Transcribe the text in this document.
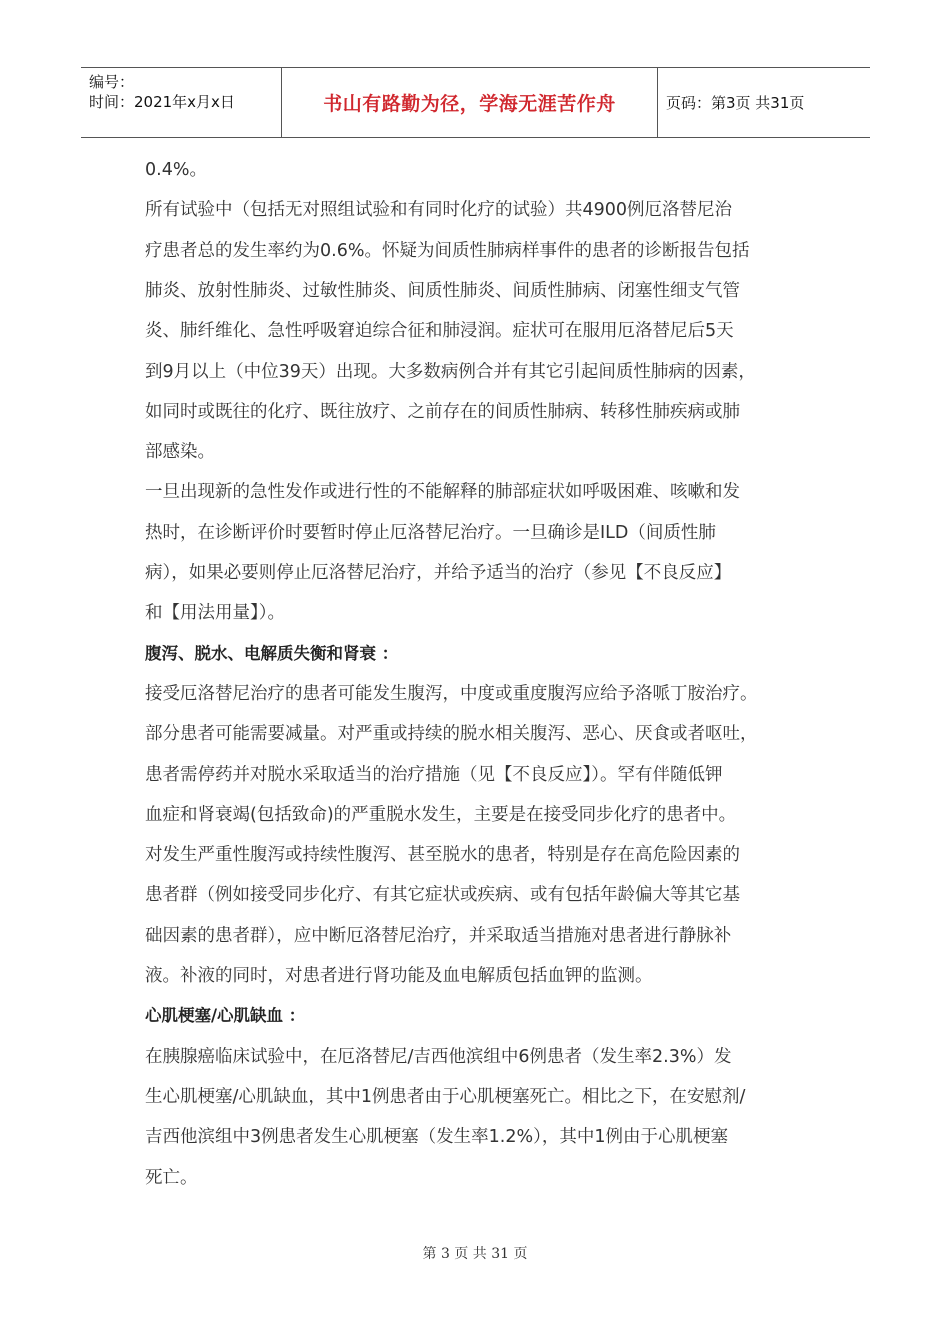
编号：
时间：2021年x月x日	书山有路勤为径，学海无涯苦作舟	页码：第3页 共31页
0.4%。
所有试验中（包括无对照组试验和有同时化疗的试验）共4900例厄洛替尼治
疗患者总的发生率约为0.6%。怀疑为间质性肺病样事件的患者的诊断报告包括
肺炎、放射性肺炎、过敏性肺炎、间质性肺炎、间质性肺病、闭塞性细支气管
炎、肺纤维化、急性呼吸窘迫综合征和肺浸润。症状可在服用厄洛替尼后5天
到9月以上（中位39天）出现。大多数病例合并有其它引起间质性肺病的因素，
如同时或既往的化疗、既往放疗、之前存在的间质性肺病、转移性肺疾病或肺
部感染。
一旦出现新的急性发作或进行性的不能解释的肺部症状如呼吸困难、咳嗽和发
热时，在诊断评价时要暂时停止厄洛替尼治疗。一旦确诊是ILD（间质性肺
病），如果必要则停止厄洛替尼治疗，并给予适当的治疗（参见【不良反应】
和【用法用量】）。
腹泻、脱水、电解质失衡和肾衰 ：
接受厄洛替尼治疗的患者可能发生腹泻，中度或重度腹泻应给予洛哌丁胺治疗。
部分患者可能需要减量。对严重或持续的脱水相关腹泻、恶心、厌食或者呕吐，
患者需停药并对脱水采取适当的治疗措施（见【不良反应】）。罕有伴随低钾
血症和肾衰竭(包括致命)的严重脱水发生，主要是在接受同步化疗的患者中。
对发生严重性腹泻或持续性腹泻、甚至脱水的患者，特别是存在高危险因素的
患者群（例如接受同步化疗、有其它症状或疾病、或有包括年龄偏大等其它基
础因素的患者群），应中断厄洛替尼治疗，并采取适当措施对患者进行静脉补
液。补液的同时，对患者进行肾功能及血电解质包括血钾的监测。
心肌梗塞/心肌缺血 ：
在胰腺癌临床试验中，在厄洛替尼/吉西他滨组中6例患者（发生率2.3%）发
生心肌梗塞/心肌缺血，其中1例患者由于心肌梗塞死亡。相比之下，在安慰剂/
吉西他滨组中3例患者发生心肌梗塞（发生率1.2%），其中1例由于心肌梗塞
死亡。
第 3 页 共 31 页
